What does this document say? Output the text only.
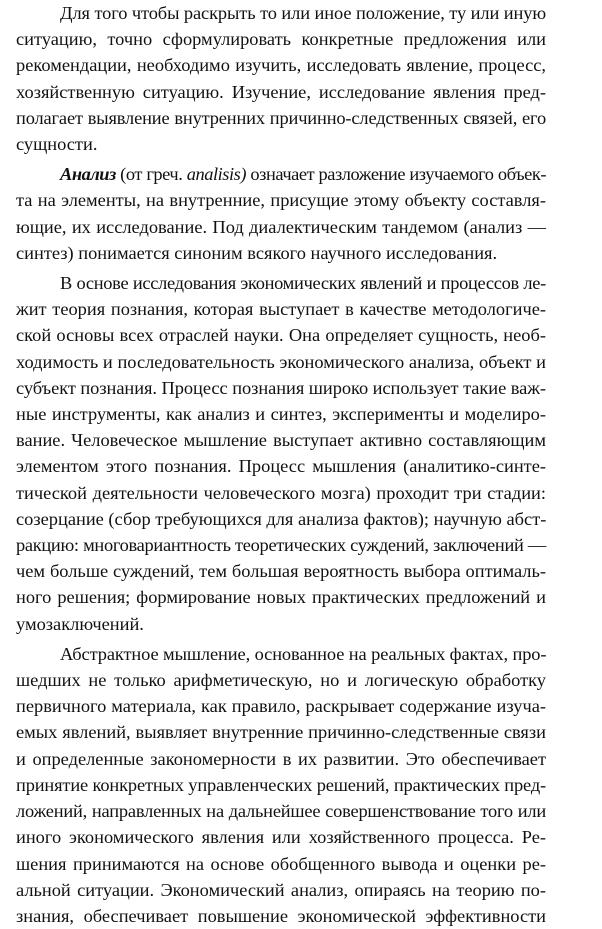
Для того чтобы раскрыть то или иное положение, ту или иную
ситуацию, точно сформулировать конкретные предложения или
рекомендации, необходимо изучить, исследовать явление, процесс,
хозяйственную ситуацию. Изучение, исследование явления пред-
полагает выявление внутренних причинно-следственных связей, его
сущности.

Анализ (от греч. analisis) означает разложение изучаемого объек-
та на элементы, на внутренние, присущие этому объекту составля-
ющие, их исследование. Под диалектическим тандемом (анализ —
синтез) понимается синоним всякого научного исследования.

В основе исследования экономических явлений и процессов ле-
жит теория познания, которая выступает в качестве методологиче-
ской основы всех отраслей науки. Она определяет сущность, необ-
ходимость и последовательность экономического анализа, объект и
субъект познания. Процесс познания широко использует такие важ-
ные инструменты, как анализ и синтез, эксперименты и моделиро-
вание. Человеческое мышление выступает активно составляющим
элементом этого познания. Процесс мышления (аналитико-синте-
тической деятельности человеческого мозга) проходит три стадии:
созерцание (сбор требующихся для анализа фактов); научную абст-
ракцию: многовариантность теоретических суждений, заключений —
чем больше суждений, тем большая вероятность выбора оптималь-
ного решения; формирование новых практических предложений и
умозаключений.

Абстрактное мышление, основанное на реальных фактах, про-
шедших не только арифметическую, но и логическую обработку
первичного материала, как правило, раскрывает содержание изуча-
емых явлений, выявляет внутренние причинно-следственные связи
и определенные закономерности в их развитии. Это обеспечивает
принятие конкретных управленческих решений, практических пред-
ложений, направленных на дальнейшее совершенствование того или
иного экономического явления или хозяйственного процесса. Ре-
шения принимаются на основе обобщенного вывода и оценки ре-
альной ситуации. Экономический анализ, опираясь на теорию по-
знания, обеспечивает повышение экономической эффективности
